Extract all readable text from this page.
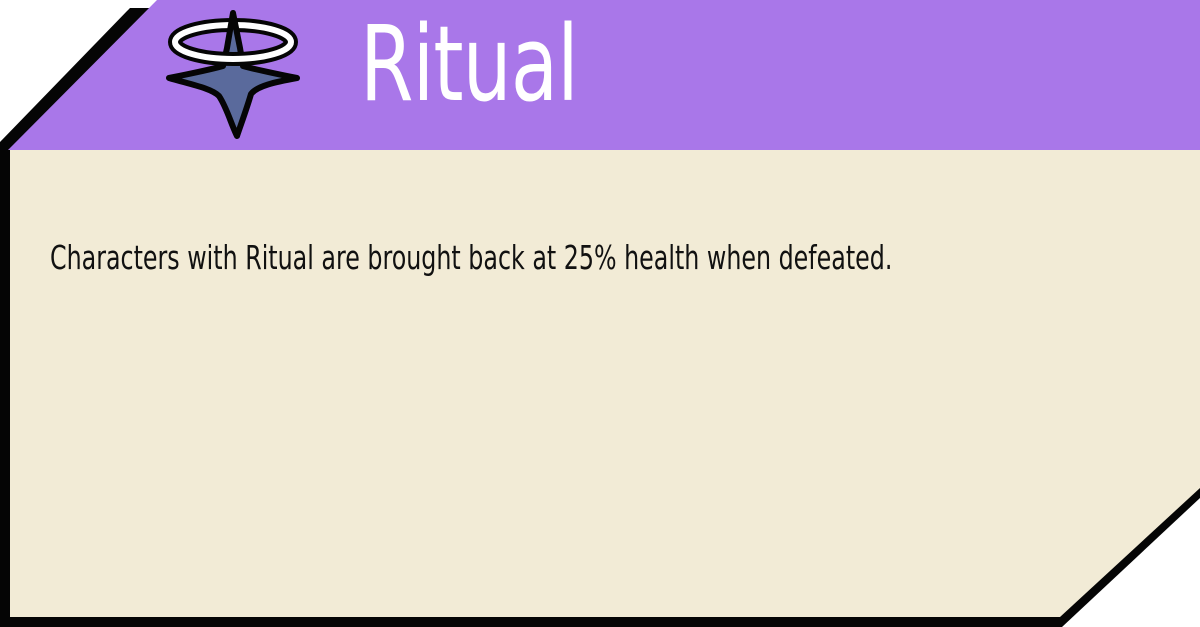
Ritual

Characters with Ritual are brought back at 25% health when defeated.
